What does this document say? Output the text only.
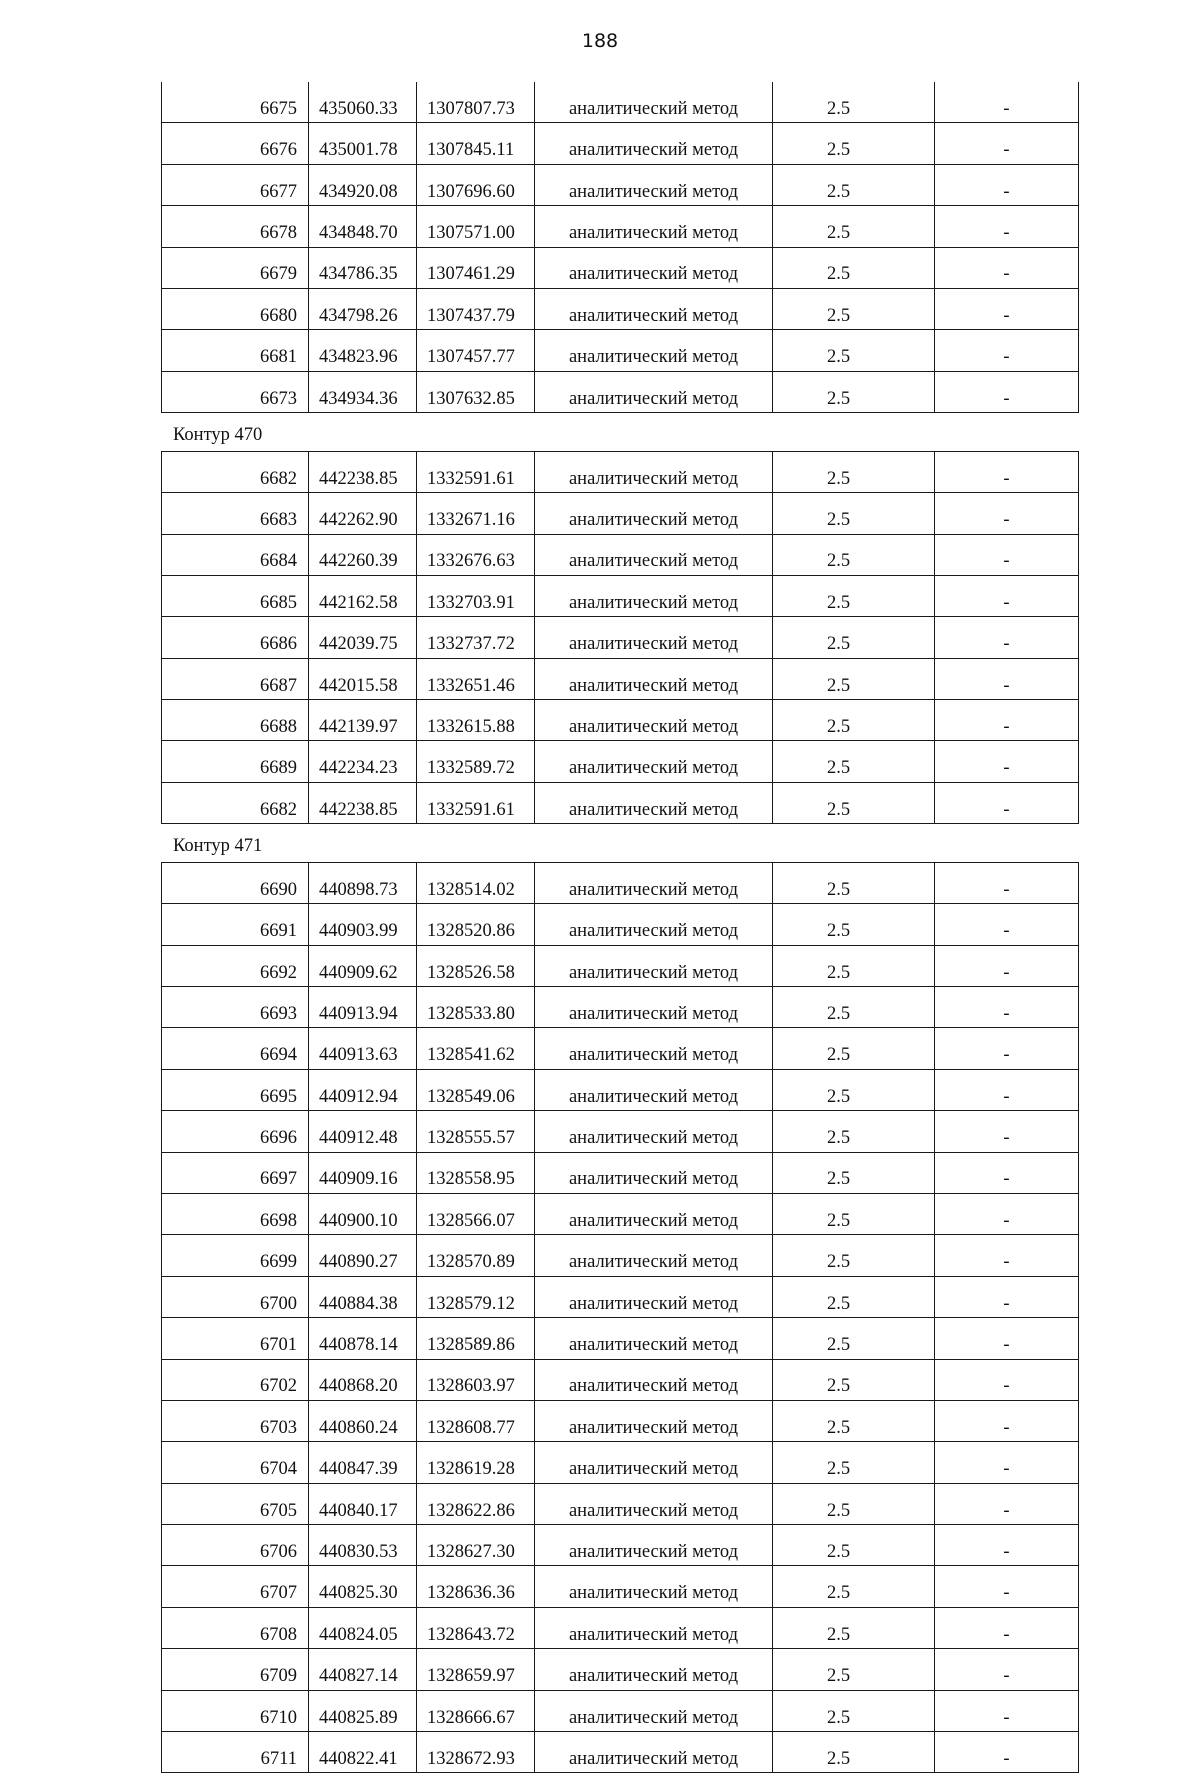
188
6675	435060.33	1307807.73	аналитический метод	2.5	-
6676	435001.78	1307845.11	аналитический метод	2.5	-
6677	434920.08	1307696.60	аналитический метод	2.5	-
6678	434848.70	1307571.00	аналитический метод	2.5	-
6679	434786.35	1307461.29	аналитический метод	2.5	-
6680	434798.26	1307437.79	аналитический метод	2.5	-
6681	434823.96	1307457.77	аналитический метод	2.5	-
6673	434934.36	1307632.85	аналитический метод	2.5	-
Контур 470
6682	442238.85	1332591.61	аналитический метод	2.5	-
6683	442262.90	1332671.16	аналитический метод	2.5	-
6684	442260.39	1332676.63	аналитический метод	2.5	-
6685	442162.58	1332703.91	аналитический метод	2.5	-
6686	442039.75	1332737.72	аналитический метод	2.5	-
6687	442015.58	1332651.46	аналитический метод	2.5	-
6688	442139.97	1332615.88	аналитический метод	2.5	-
6689	442234.23	1332589.72	аналитический метод	2.5	-
6682	442238.85	1332591.61	аналитический метод	2.5	-
Контур 471
6690	440898.73	1328514.02	аналитический метод	2.5	-
6691	440903.99	1328520.86	аналитический метод	2.5	-
6692	440909.62	1328526.58	аналитический метод	2.5	-
6693	440913.94	1328533.80	аналитический метод	2.5	-
6694	440913.63	1328541.62	аналитический метод	2.5	-
6695	440912.94	1328549.06	аналитический метод	2.5	-
6696	440912.48	1328555.57	аналитический метод	2.5	-
6697	440909.16	1328558.95	аналитический метод	2.5	-
6698	440900.10	1328566.07	аналитический метод	2.5	-
6699	440890.27	1328570.89	аналитический метод	2.5	-
6700	440884.38	1328579.12	аналитический метод	2.5	-
6701	440878.14	1328589.86	аналитический метод	2.5	-
6702	440868.20	1328603.97	аналитический метод	2.5	-
6703	440860.24	1328608.77	аналитический метод	2.5	-
6704	440847.39	1328619.28	аналитический метод	2.5	-
6705	440840.17	1328622.86	аналитический метод	2.5	-
6706	440830.53	1328627.30	аналитический метод	2.5	-
6707	440825.30	1328636.36	аналитический метод	2.5	-
6708	440824.05	1328643.72	аналитический метод	2.5	-
6709	440827.14	1328659.97	аналитический метод	2.5	-
6710	440825.89	1328666.67	аналитический метод	2.5	-
6711	440822.41	1328672.93	аналитический метод	2.5	-
